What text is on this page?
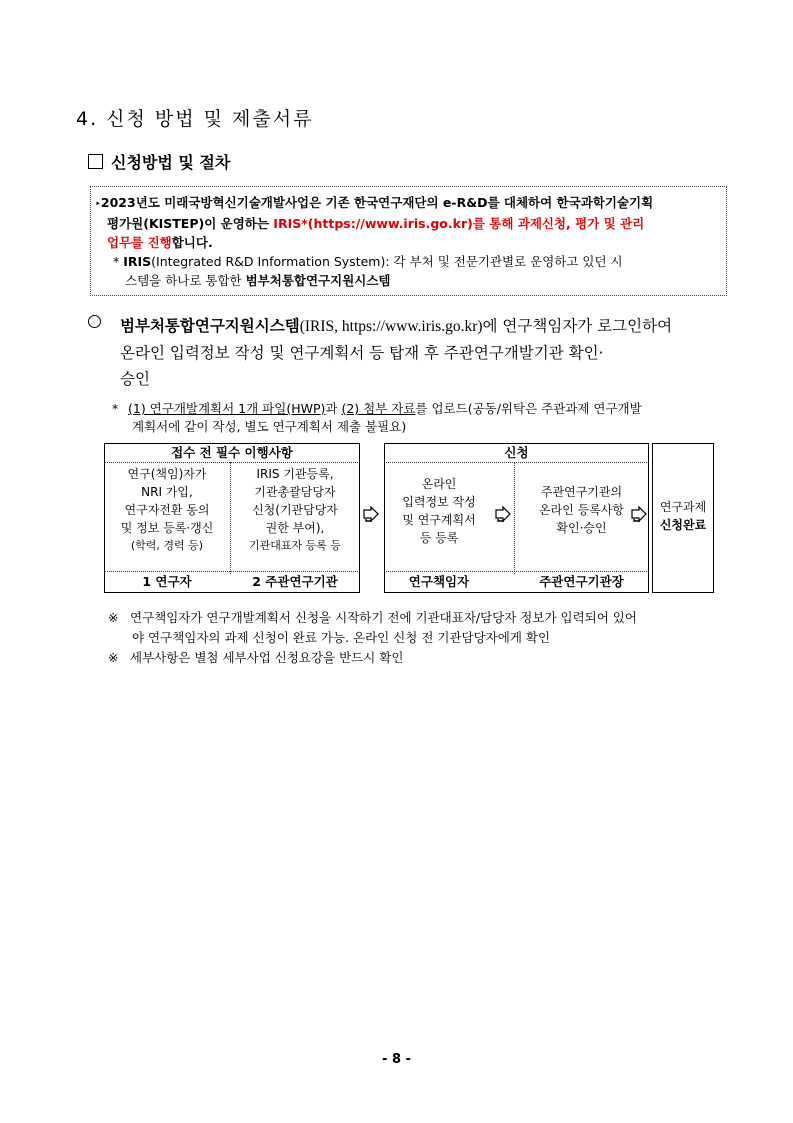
4. 신청 방법 및 제출서류
신청방법 및 절차
‣2023년도 미래국방혁신기술개발사업은 기존 한국연구재단의 e-R&D를 대체하여 한국과학기술기획
평가원(KISTEP)이 운영하는 IRIS*(https://www.iris.go.kr)를 통해 과제신청, 평가 및 관리
업무를 진행합니다.
* IRIS(Integrated R&D Information System): 각 부처 및 전문기관별로 운영하고 있던 시
스템을 하나로 통합한 범부처통합연구지원시스템
범부처통합연구지원시스템(IRIS, https://www.iris.go.kr)에 연구책임자가 로그인하여
온라인 입력정보 작성 및 연구계획서 등 탑재 후 주관연구개발기관 확인·
승인
* (1) 연구개발계획서 1개 파일(HWP)과 (2) 첨부 자료를 업로드(공동/위탁은 주관과제 연구개발
계획서에 같이 작성, 별도 연구계획서 제출 불필요)
접수 전 필수 이행사항
연구(책임)자가
NRI 가입,
연구자전환 동의
및 정보 등록·갱신
(학력, 경력 등)
IRIS 기관등록,
기관총괄담당자
신청(기관담당자
권한 부여),
기관대표자 등록 등
1 연구자	2 주관연구기관
신청
온라인
입력정보 작성
및 연구계획서
등 등록
주관연구기관의
온라인 등록사항
확인·승인
연구책임자	주관연구기관장
연구과제
신청완료
※ 연구책임자가 연구개발계획서 신청을 시작하기 전에 기관대표자/담당자 정보가 입력되어 있어
야 연구책임자의 과제 신청이 완료 가능. 온라인 신청 전 기관담당자에게 확인
※ 세부사항은 별첨 세부사업 신청요강을 반드시 확인
- 8 -
